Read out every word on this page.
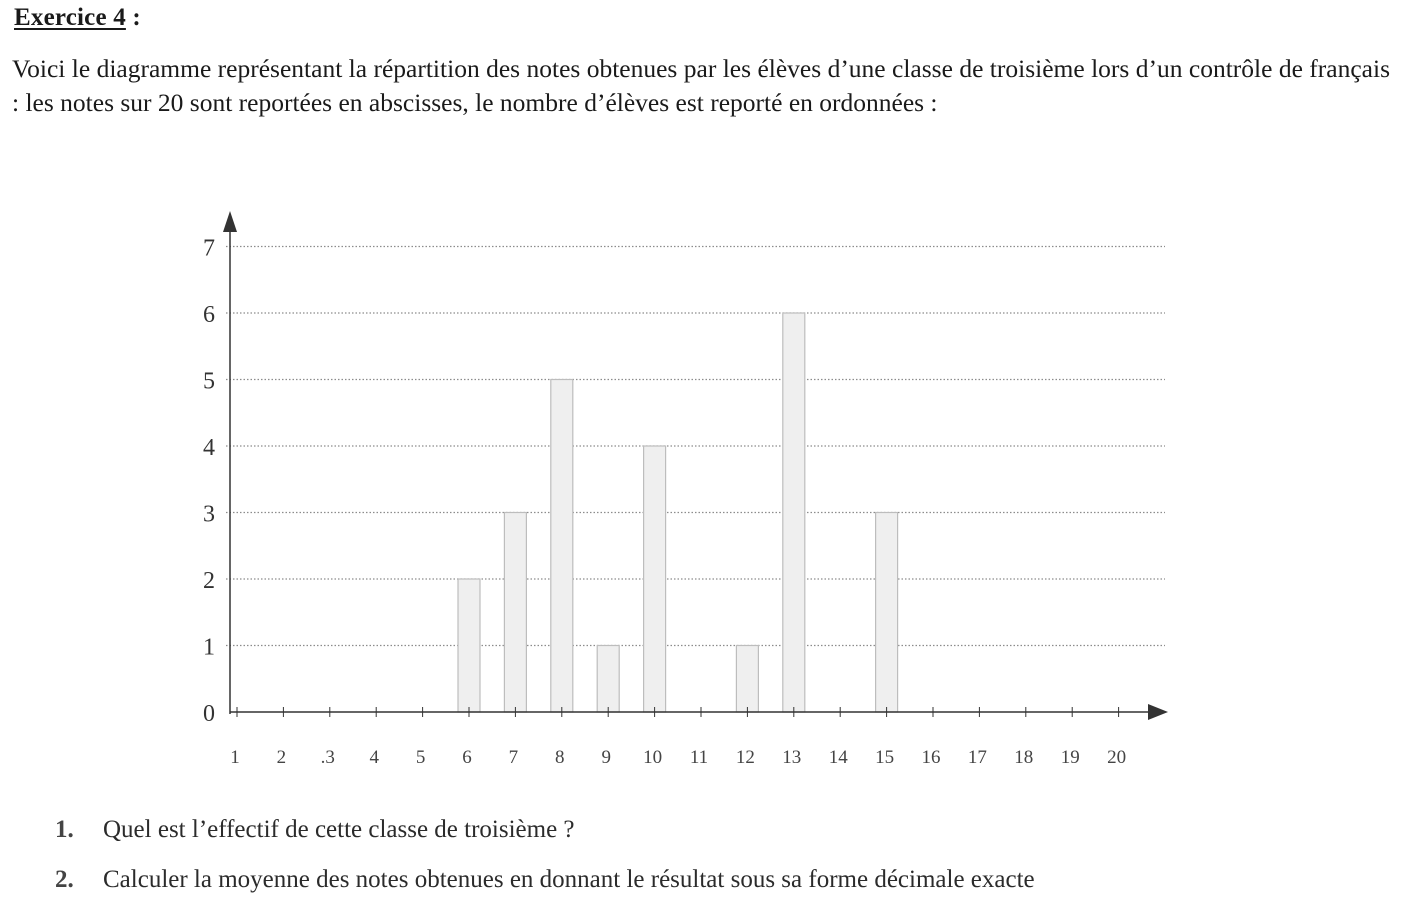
Exercice 4 :
Voici le diagramme représentant la répartition des notes obtenues par les élèves d’une classe de troisième lors d’un contrôle de français : les notes sur 20 sont reportées en abscisses, le nombre d’élèves est reporté en ordonnées :
0
1
2
3
4
5
6
7
1 2 .3 4 5 6 7 8 9 10 11 12 13 14 15 16 17 18 19 20
1. Quel est l’effectif de cette classe de troisième ?
2. Calculer la moyenne des notes obtenues en donnant le résultat sous sa forme décimale exacte
